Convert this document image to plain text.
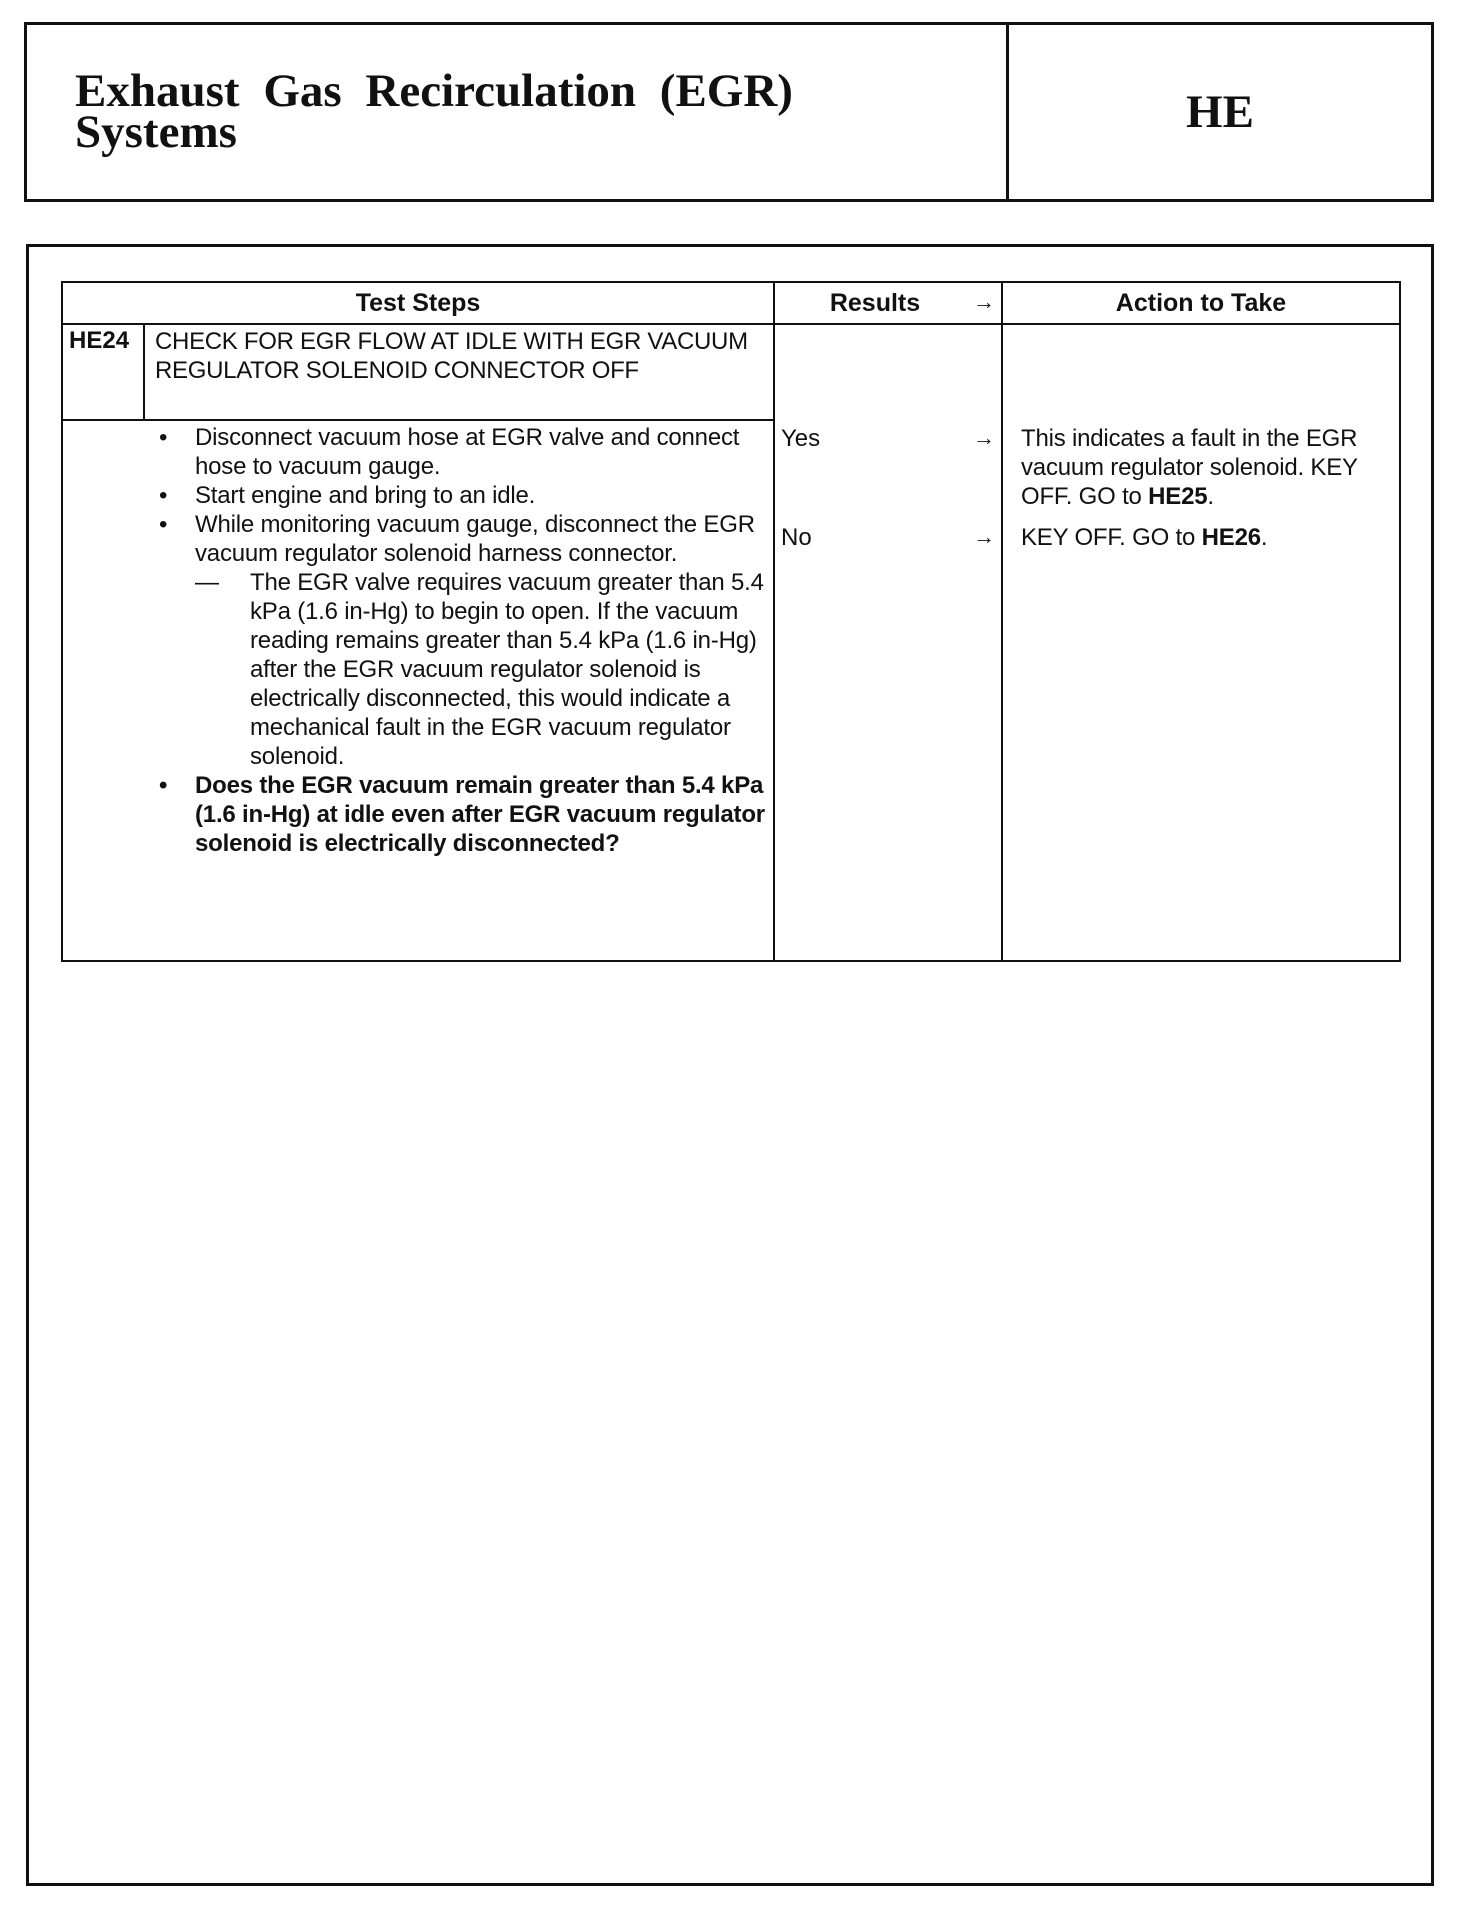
Exhaust Gas Recirculation (EGR)
Systems	HE
Test Steps	Results	→	Action to Take
HE24 CHECK FOR EGR FLOW AT IDLE WITH EGR VACUUM REGULATOR SOLENOID CONNECTOR OFF
• Disconnect vacuum hose at EGR valve and connect hose to vacuum gauge.
• Start engine and bring to an idle.
• While monitoring vacuum gauge, disconnect the EGR vacuum regulator solenoid harness connector.
— The EGR valve requires vacuum greater than 5.4 kPa (1.6 in-Hg) to begin to open. If the vacuum reading remains greater than 5.4 kPa (1.6 in-Hg) after the EGR vacuum regulator solenoid is electrically disconnected, this would indicate a mechanical fault in the EGR vacuum regulator solenoid.
• Does the EGR vacuum remain greater than 5.4 kPa (1.6 in-Hg) at idle even after EGR vacuum regulator solenoid is electrically disconnected?
Yes	→ This indicates a fault in the EGR vacuum regulator solenoid. KEY OFF. GO to HE25.
No	→ KEY OFF. GO to HE26.
